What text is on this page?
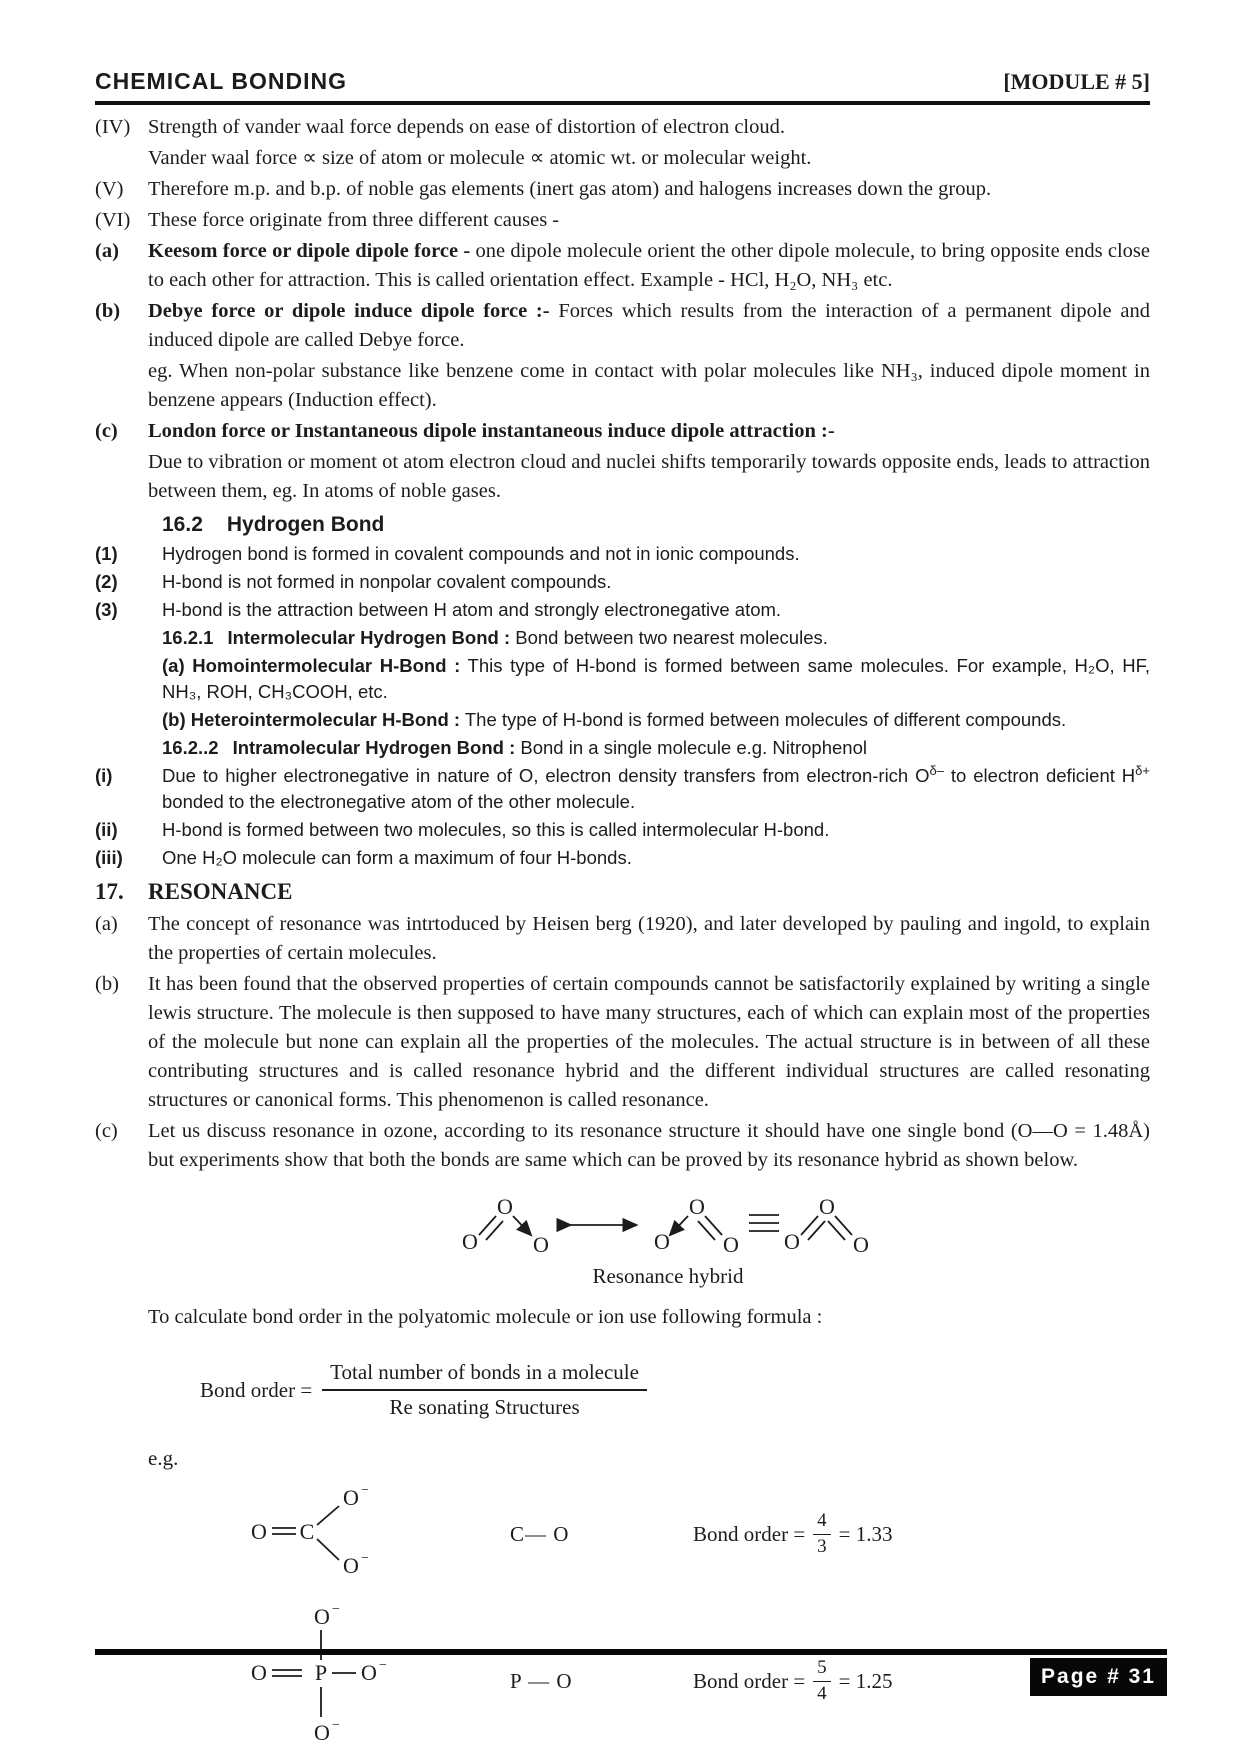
CHEMICAL BONDING	[MODULE # 5]
(IV) Strength of vander waal force depends on ease of distortion of electron cloud.
Vander waal force ∝ size of atom or molecule ∝ atomic wt. or molecular weight.
(V)	Therefore m.p. and b.p. of noble gas elements (inert gas atom) and halogens increases down the group.
(VI) These force originate from three different causes -
(a)	Keesom force or dipole dipole force - one dipole molecule orient the other dipole molecule, to bring opposite ends close to each other for attraction. This is called orientation effect. Example - HCl, H₂O, NH₃ etc.
(b)	Debye force or dipole induce dipole force :- Forces which results from the interaction of a permanent dipole and induced dipole are called Debye force.
eg. When non-polar substance like benzene come in contact with polar molecules like NH₃, induced dipole moment in benzene appears (Induction effect).
(c)	London force or Instantaneous dipole instantaneous induce dipole attraction :-
Due to vibration or moment ot atom electron cloud and nuclei shifts temporarily towards opposite ends, leads to attraction between them, eg. In atoms of noble gases.
16.2 Hydrogen Bond
(1)	Hydrogen bond is formed in covalent compounds and not in ionic compounds.
(2)	H-bond is not formed in nonpolar covalent compounds.
(3)	H-bond is the attraction between H atom and strongly electronegative atom.
16.2.1 Intermolecular Hydrogen Bond : Bond between two nearest molecules.
(a) Homointermolecular H-Bond : This type of H-bond is formed between same molecules. For example, H₂O, HF, NH₃, ROH, CH₃COOH, etc.
(b) Heterointermolecular H-Bond : The type of H-bond is formed between molecules of different compounds.
16.2..2 Intramolecular Hydrogen Bond : Bond in a single molecule e.g. Nitrophenol
(i)	Due to higher electronegative in nature of O, electron density transfers from electron-rich $O^{\delta-}$ to electron deficient $H^{\delta+}$ bonded to the electronegative atom of the other molecule.
(ii)	H-bond is formed between two molecules, so this is called intermolecular H-bond.
(iii)	One H₂O molecule can form a maximum of four H-bonds.
17.	RESONANCE
(a)	The concept of resonance was intrtoduced by Heisen berg (1920), and later developed by pauling and ingold, to explain the properties of certain molecules.
(b)	It has been found that the observed properties of certain compounds cannot be satisfactorily explained by writing a single lewis structure. The molecule is then supposed to have many structures, each of which can explain most of the properties of the molecule but none can explain all the properties of the molecules. The actual structure is in between of all these contributing structures and is called resonance hybrid and the different individual structures are called resonating structures or canonical forms. This phenomenon is called resonance.
(c)	Let us discuss resonance in ozone, according to its resonance structure it should have one single bond (O—O = 1.48Å) but experiments show that both the bonds are same which can be proved by its resonance hybrid as shown below.
O
O	O
O
O O
O
O O
Resonance hybrid
To calculate bond order in the polyatomic molecule or ion use following formula :
Bond order = $\frac{\text{Total number of bonds in a molecule}}{\text{Re sonating Structures}}$
e.g.
O C
O
O
−
−
C— O	Bond order = $\frac{4}{3} = 1.33$
O
O P O
O
−
−
−
P — O	Bond order = $\frac{5}{4} = 1.25$	Page # 31
